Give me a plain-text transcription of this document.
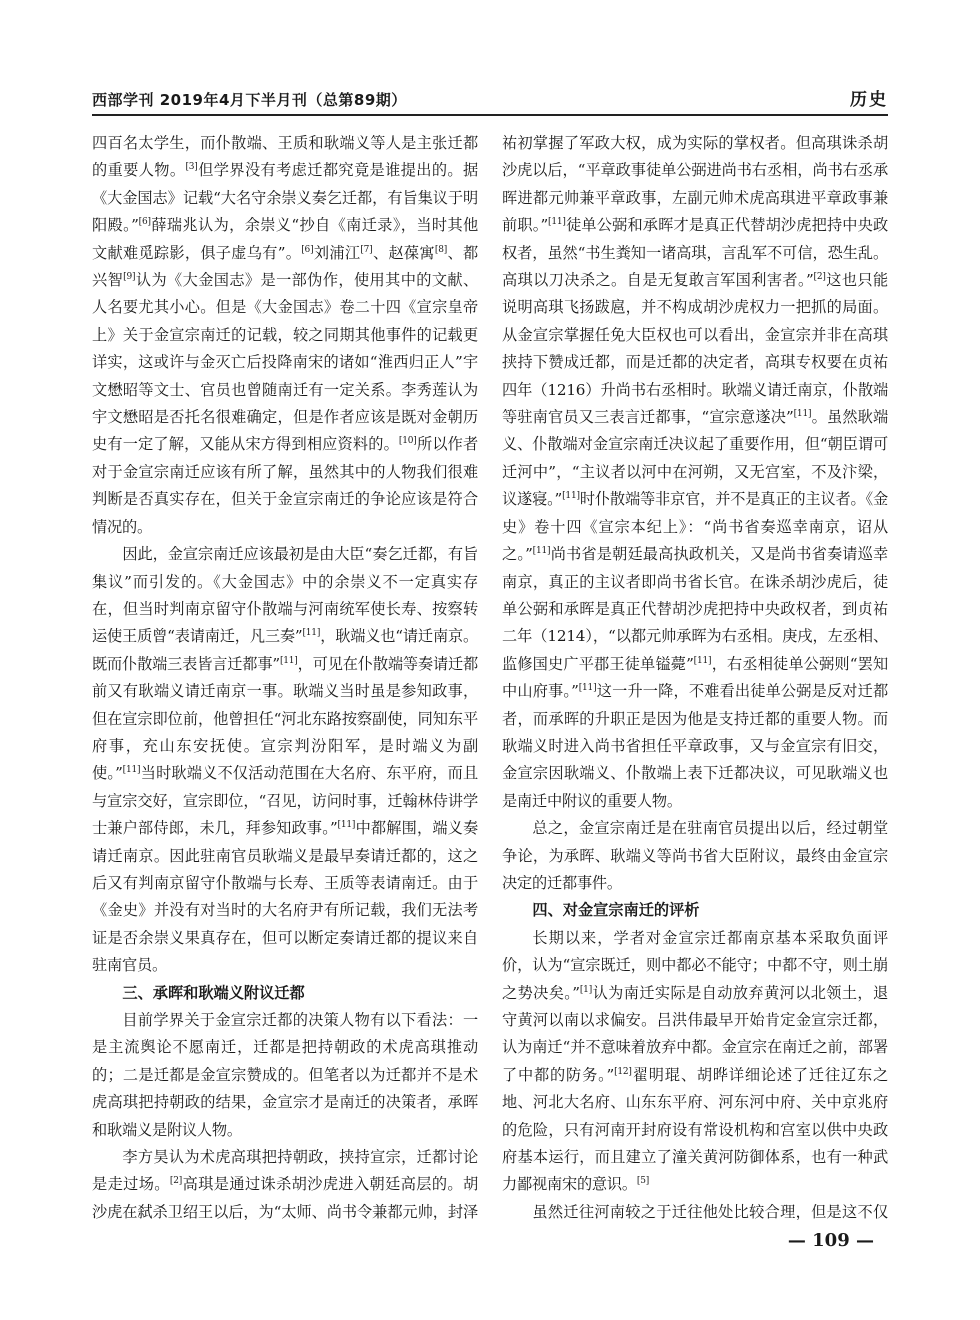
西部学刊 2019年4月下半月刊（总第89期）	历史

四百名太学生，而仆散端、王质和耿端义等人是主张迁都的重要人物。[3]但学界没有考虑迁都究竟是谁提出的。据《大金国志》记载“大名守余崇义奏乞迁都，有旨集议于明阳殿。”[6]薛瑞兆认为，余崇义“抄自《南迁录》，当时其他文献难觅踪影，俱子虚乌有”。[6]刘浦江[7]、赵葆寓[8]、都兴智[9]认为《大金国志》是一部伪作，使用其中的文献、人名要尤其小心。但是《大金国志》卷二十四《宣宗皇帝上》关于金宣宗南迁的记载，较之同期其他事件的记载更详实，这或许与金灭亡后投降南宋的诸如“淮西归正人”宇文懋昭等文士、官员也曾随南迁有一定关系。李秀莲认为宇文懋昭是否托名很难确定，但是作者应该是既对金朝历史有一定了解，又能从宋方得到相应资料的。[10]所以作者对于金宣宗南迁应该有所了解，虽然其中的人物我们很难判断是否真实存在，但关于金宣宗南迁的争论应该是符合情况的。

因此，金宣宗南迁应该最初是由大臣“奏乞迁都，有旨集议”而引发的。《大金国志》中的余崇义不一定真实存在，但当时判南京留守仆散端与河南统军使长寿、按察转运使王质曾“表请南迁，凡三奏”[11]，耿端义也“请迁南京。既而仆散端三表皆言迁都事”[11]，可见在仆散端等奏请迁都前又有耿端义请迁南京一事。耿端义当时虽是参知政事，但在宣宗即位前，他曾担任“河北东路按察副使，同知东平府事，充山东安抚使。宣宗判汾阳军，是时端义为副使。”[11]当时耿端义不仅活动范围在大名府、东平府，而且与宣宗交好，宣宗即位，“召见，访问时事，迁翰林侍讲学士兼户部侍郎，未几，拜参知政事。”[11]中都解围，端义奏请迁南京。因此驻南官员耿端义是最早奏请迁都的，这之后又有判南京留守仆散端与长寿、王质等表请南迁。由于《金史》并没有对当时的大名府尹有所记载，我们无法考证是否余崇义果真存在，但可以断定奏请迁都的提议来自驻南官员。

三、承晖和耿端义附议迁都

目前学界关于金宣宗迁都的决策人物有以下看法：一是主流舆论不愿南迁，迁都是把持朝政的术虎高琪推动的；二是迁都是金宣宗赞成的。但笔者以为迁都并不是术虎高琪把持朝政的结果，金宣宗才是南迁的决策者，承晖和耿端义是附议人物。

李方昊认为术虎高琪把持朝政，挟持宣宗，迁都讨论是走过场。[2]高琪是通过诛杀胡沙虎进入朝廷高层的。胡沙虎在弑杀卫绍王以后，为“太师、尚书令兼都元帅，封泽

祐初掌握了军政大权，成为实际的掌权者。但高琪诛杀胡沙虎以后，“平章政事徒单公弼进尚书右丞相，尚书右丞承晖进都元帅兼平章政事，左副元帅术虎高琪进平章政事兼前职。”[11]徒单公弼和承晖才是真正代替胡沙虎把持中央政权者，虽然“书生粪知一诸高琪，言乱军不可信，恐生乱。高琪以刀决杀之。自是无复敢言军国利害者。”[2]这也只能说明高琪飞扬跋扈，并不构成胡沙虎权力一把抓的局面。从金宣宗掌握任免大臣权也可以看出，金宣宗并非在高琪挟持下赞成迁都，而是迁都的决定者，高琪专权要在贞祐四年（1216）升尚书右丞相时。耿端义请迁南京，仆散端等驻南官员又三表言迁都事，“宣宗意遂决”[11]。虽然耿端义、仆散端对金宣宗南迁决议起了重要作用，但“朝臣谓可迁河中”，“主议者以河中在河朔，又无宫室，不及汴梁，议遂寝。”[11]时仆散端等非京官，并不是真正的主议者。《金史》卷十四《宣宗本纪上》：“尚书省奏巡幸南京，诏从之。”[11]尚书省是朝廷最高执政机关，又是尚书省奏请巡幸南京，真正的主议者即尚书省长官。在诛杀胡沙虎后，徒单公弼和承晖是真正代替胡沙虎把持中央政权者，到贞祐二年（1214），“以都元帅承晖为右丞相。庚戌，左丞相、监修国史广平郡王徒单镒薨”[11]，右丞相徒单公弼则“罢知中山府事。”[11]这一升一降，不难看出徒单公弼是反对迁都者，而承晖的升职正是因为他是支持迁都的重要人物。而耿端义时进入尚书省担任平章政事，又与金宣宗有旧交，金宣宗因耿端义、仆散端上表下迁都决议，可见耿端义也是南迁中附议的重要人物。

总之，金宣宗南迁是在驻南官员提出以后，经过朝堂争论，为承晖、耿端义等尚书省大臣附议，最终由金宣宗决定的迁都事件。

四、对金宣宗南迁的评析

长期以来，学者对金宣宗迁都南京基本采取负面评价，认为“宣宗既迁，则中都必不能守；中都不守，则土崩之势决矣。”[1]认为南迁实际是自动放弃黄河以北领土，退守黄河以南以求偏安。吕洪伟最早开始肯定金宣宗迁都，认为南迁“并不意味着放弃中都。金宣宗在南迁之前，部署了中都的防务。”[12]翟明琨、胡晔详细论述了迁往辽东之地、河北大名府、山东东平府、河东河中府、关中京兆府的危险，只有河南开封府设有常设机构和宫室以供中央政府基本运行，而且建立了潼关黄河防御体系，也有一种武力鄙视南宋的意识。[5]

虽然迁往河南较之于迁往他处比较合理，但是这不仅

— 109 —
